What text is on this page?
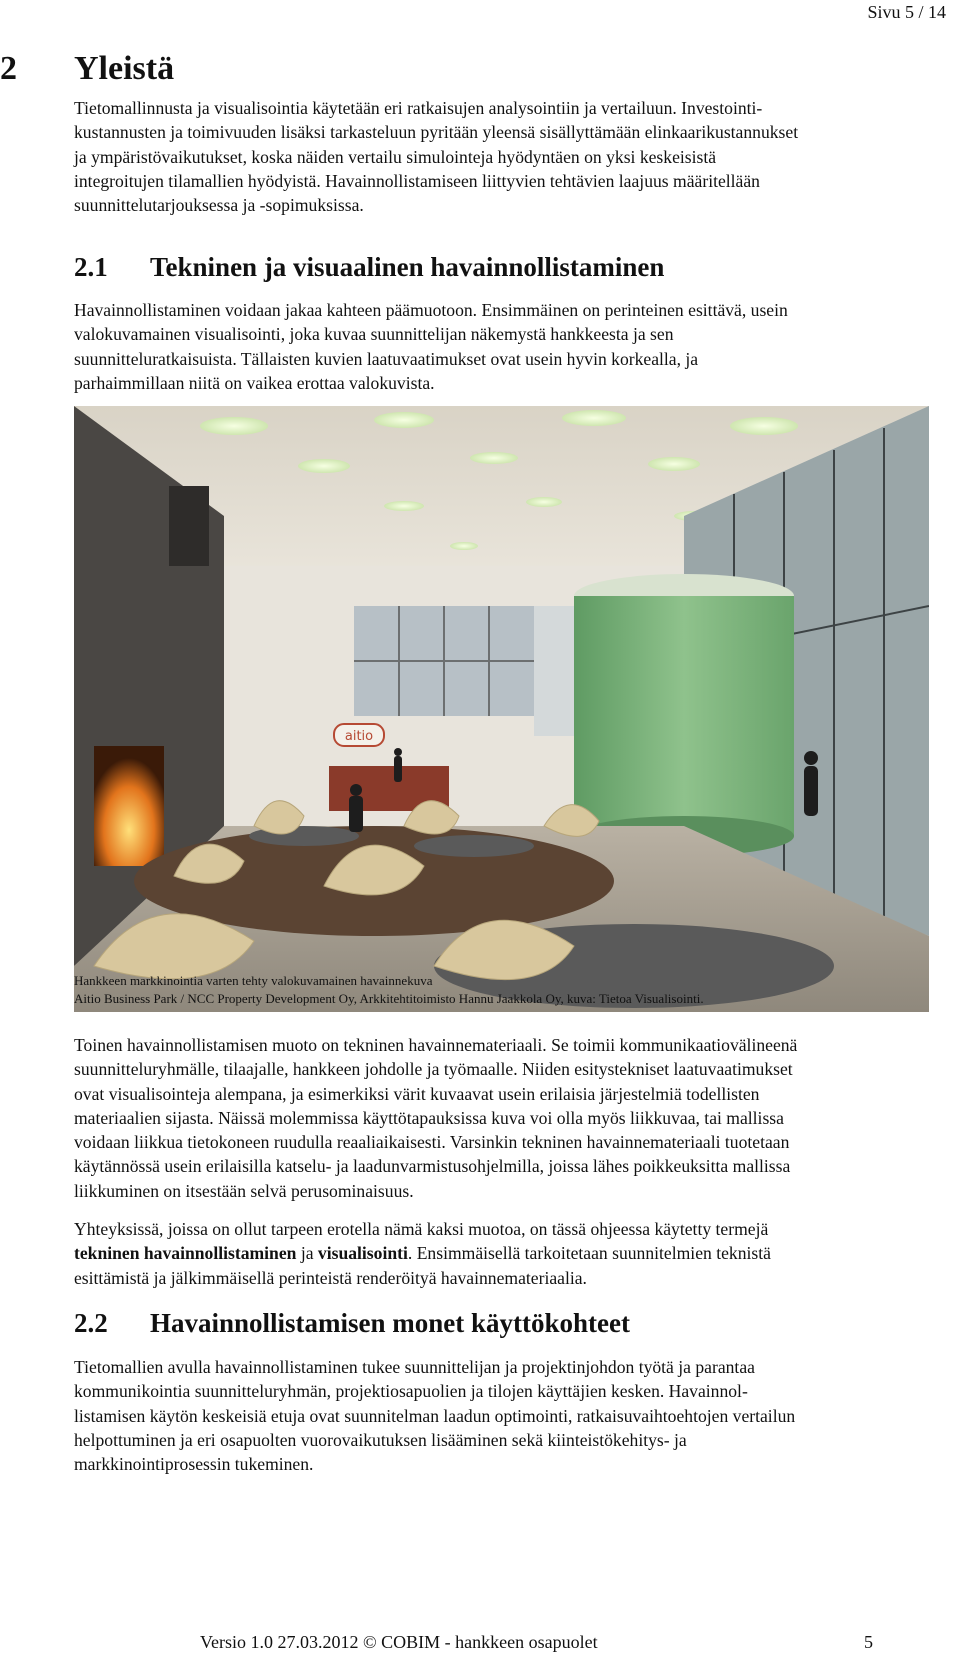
Sivu 5 / 14
2 Yleistä
Tietomallinnusta ja visualisointia käytetään eri ratkaisujen analysointiin ja vertailuun. Investointi-
kustannusten ja toimivuuden lisäksi tarkasteluun pyritään yleensä sisällyttämään elinkaarikustannukset
ja ympäristövaikutukset, koska näiden vertailu simulointeja hyödyntäen on yksi keskeisistä
integroitujen tilamallien hyödyistä. Havainnollistamiseen liittyvien tehtävien laajuus määritellään
suunnittelutarjouksessa ja -sopimuksissa.
2.1 Tekninen ja visuaalinen havainnollistaminen
Havainnollistaminen voidaan jakaa kahteen päämuotoon. Ensimmäinen on perinteinen esittävä, usein
valokuvamainen visualisointi, joka kuvaa suunnittelijan näkemystä hankkeesta ja sen
suunnitteluratkaisuista. Tällaisten kuvien laatuvaatimukset ovat usein hyvin korkealla, ja
parhaimmillaan niitä on vaikea erottaa valokuvista.
aitio
Hankkeen markkinointia varten tehty valokuvamainen havainnekuva
Aitio Business Park / NCC Property Development Oy, Arkkitehtitoimisto Hannu Jaakkola Oy, kuva: Tietoa Visualisointi.
Toinen havainnollistamisen muoto on tekninen havainnemateriaali. Se toimii kommunikaatiovälineenä
suunnitteluryhmälle, tilaajalle, hankkeen johdolle ja työmaalle. Niiden esitystekniset laatuvaatimukset
ovat visualisointeja alempana, ja esimerkiksi värit kuvaavat usein erilaisia järjestelmiä todellisten
materiaalien sijasta. Näissä molemmissa käyttötapauksissa kuva voi olla myös liikkuvaa, tai mallissa
voidaan liikkua tietokoneen ruudulla reaaliaikaisesti. Varsinkin tekninen havainnemateriaali tuotetaan
käytännössä usein erilaisilla katselu- ja laadunvarmistusohjelmilla, joissa lähes poikkeuksitta mallissa
liikkuminen on itsestään selvä perusominaisuus.
Yhteyksissä, joissa on ollut tarpeen erotella nämä kaksi muotoa, on tässä ohjeessa käytetty termejä
tekninen havainnollistaminen ja visualisointi. Ensimmäisellä tarkoitetaan suunnitelmien teknistä
esittämistä ja jälkimmäisellä perinteistä renderöityä havainnemateriaalia.
2.2 Havainnollistamisen monet käyttökohteet
Tietomallien avulla havainnollistaminen tukee suunnittelijan ja projektinjohdon työtä ja parantaa
kommunikointia suunnitteluryhmän, projektiosapuolien ja tilojen käyttäjien kesken. Havainnol-
listamisen käytön keskeisiä etuja ovat suunnitelman laadun optimointi, ratkaisuvaihtoehtojen vertailun
helpottuminen ja eri osapuolten vuorovaikutuksen lisääminen sekä kiinteistökehitys- ja
markkinointiprosessin tukeminen.
Versio 1.0 27.03.2012 © COBIM - hankkeen osapuolet	5
